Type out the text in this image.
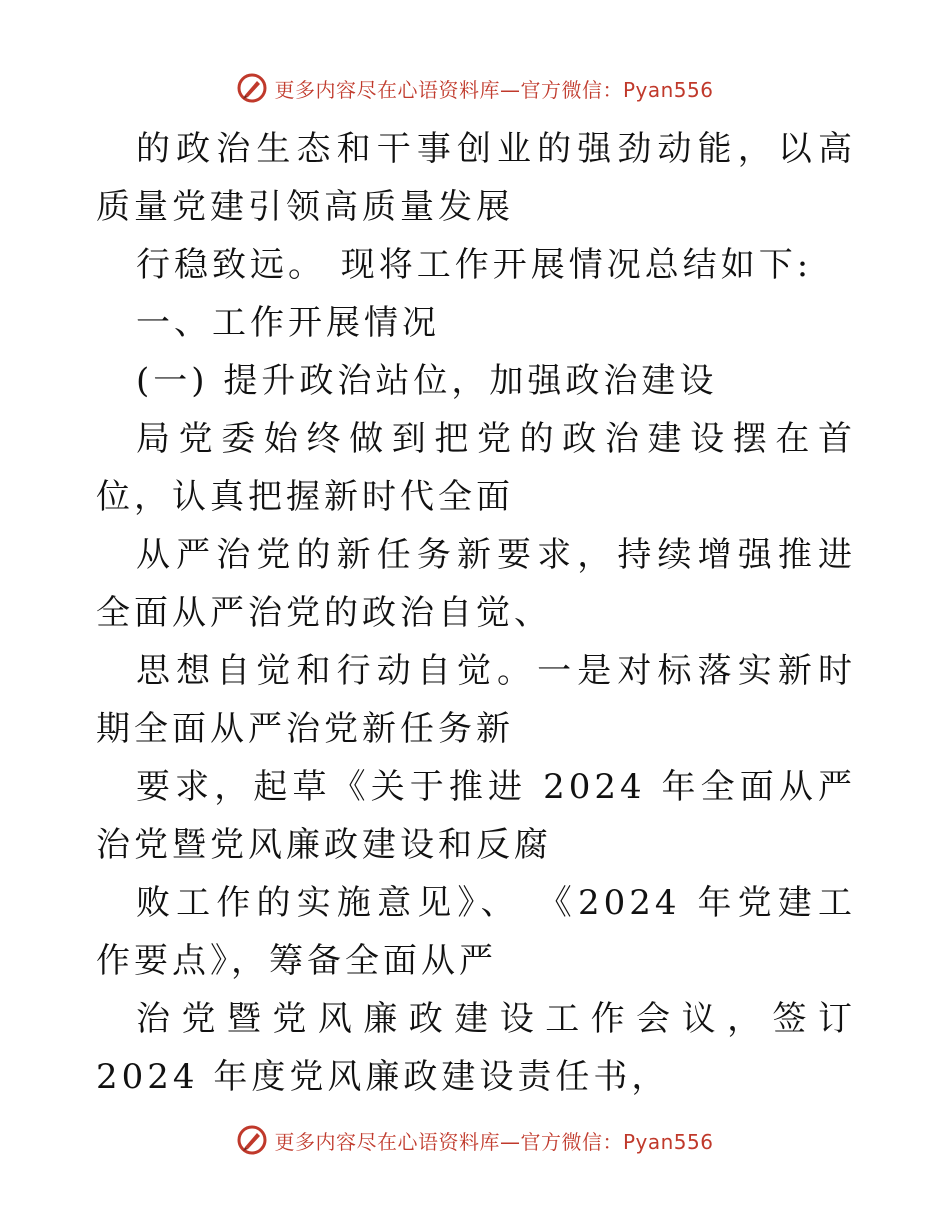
更多内容尽在心语资料库—官方微信：Pyan556

的政治生态和干事创业的强劲动能，以高质量党建引领高质量发展

行稳致远。 现将工作开展情况总结如下:

一、工作开展情况

(一) 提升政治站位，加强政治建设

局党委始终做到把党的政治建设摆在首位，认真把握新时代全面

从严治党的新任务新要求，持续增强推进全面从严治党的政治自觉、

思想自觉和行动自觉。一是对标落实新时期全面从严治党新任务新

要求，起草《关于推进 2024 年全面从严治党暨党风廉政建设和反腐

败工作的实施意见》、 《2024 年党建工作要点》，筹备全面从严

治党暨党风廉政建设工作会议，签订 2024 年度党风廉政建设责任书，

更多内容尽在心语资料库—官方微信：Pyan556
